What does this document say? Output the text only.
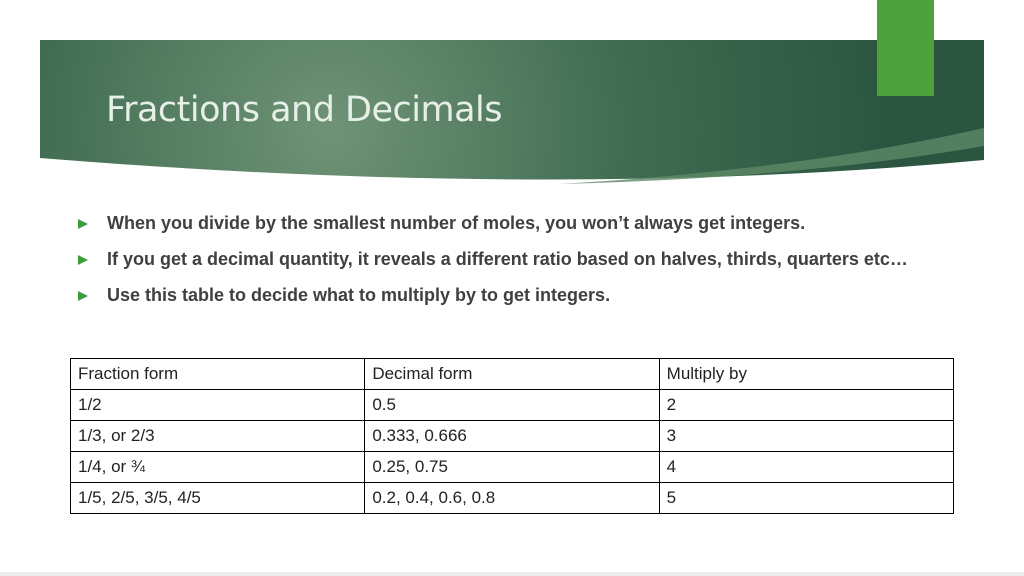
Fractions and Decimals
When you divide by the smallest number of moles, you won’t always get integers.
If you get a decimal quantity, it reveals a different ratio based on halves, thirds, quarters etc…
Use this table to decide what to multiply by to get integers.
Fraction form	Decimal form	Multiply by
1/2	0.5	2
1/3, or 2/3	0.333, 0.666	3
1/4, or ¾	0.25, 0.75	4
1/5, 2/5, 3/5, 4/5	0.2, 0.4, 0.6, 0.8	5
